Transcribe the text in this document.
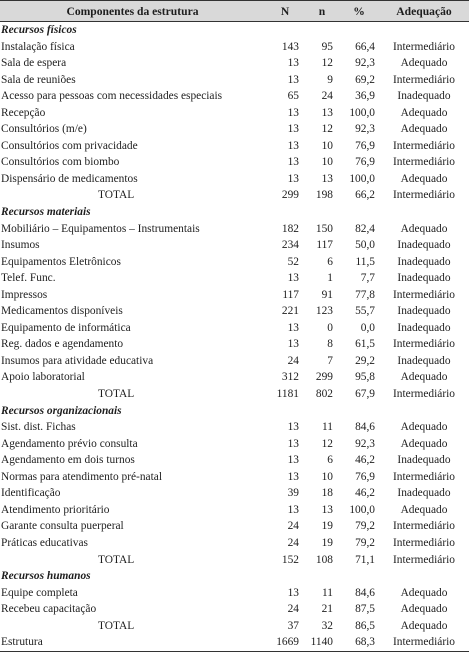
Componentes da estrutura	N	n	%	Adequação
Recursos físicos				
Instalação física	143	95	66,4	Intermediário
Sala de espera	13	12	92,3	Adequado
Sala de reuniões	13	9	69,2	Intermediário
Acesso para pessoas com necessidades especiais	65	24	36,9	Inadequado
Recepção	13	13	100,0	Adequado
Consultórios (m/e)	13	12	92,3	Adequado
Consultórios com privacidade	13	10	76,9	Intermediário
Consultórios com biombo	13	10	76,9	Intermediário
Dispensário de medicamentos	13	13	100,0	Adequado
TOTAL	299	198	66,2	Intermediário
Recursos materiais				
Mobiliário – Equipamentos – Instrumentais	182	150	82,4	Adequado
Insumos	234	117	50,0	Inadequado
Equipamentos Eletrônicos	52	6	11,5	Inadequado
Telef. Func.	13	1	7,7	Inadequado
Impressos	117	91	77,8	Intermediário
Medicamentos disponíveis	221	123	55,7	Inadequado
Equipamento de informática	13	0	0,0	Inadequado
Reg. dados e agendamento	13	8	61,5	Intermediário
Insumos para atividade educativa	24	7	29,2	Inadequado
Apoio laboratorial	312	299	95,8	Adequado
TOTAL	1181	802	67,9	Intermediário
Recursos organizacionais				
Sist. dist. Fichas	13	11	84,6	Adequado
Agendamento prévio consulta	13	12	92,3	Adequado
Agendamento em dois turnos	13	6	46,2	Inadequado
Normas para atendimento pré-natal	13	10	76,9	Intermediário
Identificação	39	18	46,2	Inadequado
Atendimento prioritário	13	13	100,0	Adequado
Garante consulta puerperal	24	19	79,2	Intermediário
Práticas educativas	24	19	79,2	Intermediário
TOTAL	152	108	71,1	Intermediário
Recursos humanos				
Equipe completa	13	11	84,6	Adequado
Recebeu capacitação	24	21	87,5	Adequado
TOTAL	37	32	86,5	Adequado
Estrutura	1669	1140	68,3	Intermediário
